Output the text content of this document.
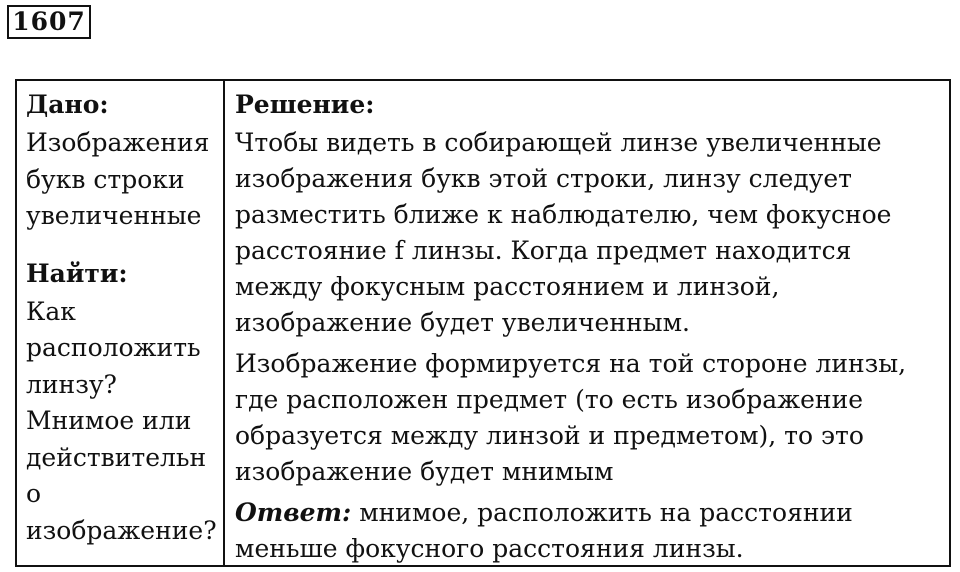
1607
Дано:
Изображения
букв строки
увеличенные
Найти:
Как
расположить
линзу?
Мнимое или
действительн
о
изображение?
Решение:

Чтобы видеть в собирающей линзе увеличенные изображения букв этой строки, линзу следует разместить ближе к наблюдателю, чем фокусное расстояние f линзы. Когда предмет находится между фокусным расстоянием и линзой, изображение будет увеличенным.

Изображение формируется на той стороне линзы, где расположен предмет (то есть изображение образуется между линзой и предметом), то это изображение будет мнимым

Ответ: мнимое, расположить на расстоянии меньше фокусного расстояния линзы.
